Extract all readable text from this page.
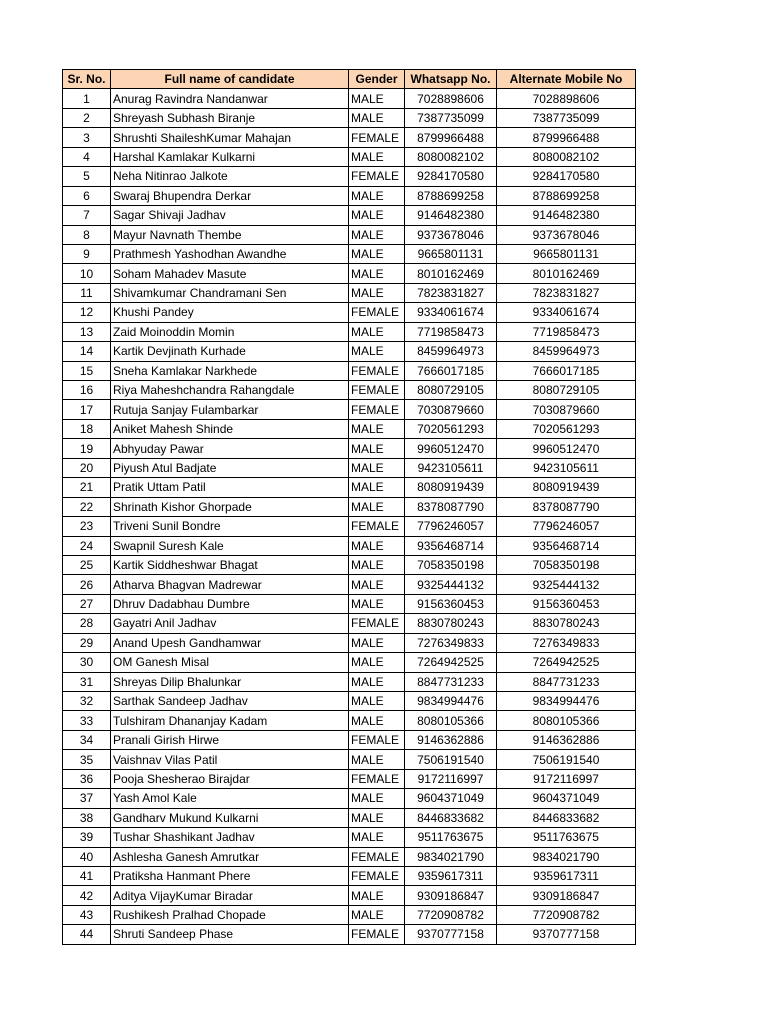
Sr. No.	Full name of candidate	Gender	Whatsapp No.	Alternate Mobile No
1	Anurag Ravindra Nandanwar	MALE	7028898606	7028898606
2	Shreyash Subhash Biranje	MALE	7387735099	7387735099
3	Shrushti ShaileshKumar Mahajan	FEMALE	8799966488	8799966488
4	Harshal Kamlakar Kulkarni	MALE	8080082102	8080082102
5	Neha Nitinrao Jalkote	FEMALE	9284170580	9284170580
6	Swaraj Bhupendra Derkar	MALE	8788699258	8788699258
7	Sagar Shivaji Jadhav	MALE	9146482380	9146482380
8	Mayur Navnath Thembe	MALE	9373678046	9373678046
9	Prathmesh Yashodhan Awandhe	MALE	9665801131	9665801131
10	Soham Mahadev Masute	MALE	8010162469	8010162469
11	Shivamkumar Chandramani Sen	MALE	7823831827	7823831827
12	Khushi Pandey	FEMALE	9334061674	9334061674
13	Zaid Moinoddin Momin	MALE	7719858473	7719858473
14	Kartik Devjinath Kurhade	MALE	8459964973	8459964973
15	Sneha Kamlakar Narkhede	FEMALE	7666017185	7666017185
16	Riya Maheshchandra Rahangdale	FEMALE	8080729105	8080729105
17	Rutuja Sanjay Fulambarkar	FEMALE	7030879660	7030879660
18	Aniket Mahesh Shinde	MALE	7020561293	7020561293
19	Abhyuday Pawar	MALE	9960512470	9960512470
20	Piyush Atul Badjate	MALE	9423105611	9423105611
21	Pratik Uttam Patil	MALE	8080919439	8080919439
22	Shrinath Kishor Ghorpade	MALE	8378087790	8378087790
23	Triveni Sunil Bondre	FEMALE	7796246057	7796246057
24	Swapnil Suresh Kale	MALE	9356468714	9356468714
25	Kartik Siddheshwar Bhagat	MALE	7058350198	7058350198
26	Atharva Bhagvan Madrewar	MALE	9325444132	9325444132
27	Dhruv Dadabhau Dumbre	MALE	9156360453	9156360453
28	Gayatri Anil Jadhav	FEMALE	8830780243	8830780243
29	Anand Upesh Gandhamwar	MALE	7276349833	7276349833
30	OM Ganesh Misal	MALE	7264942525	7264942525
31	Shreyas Dilip Bhalunkar	MALE	8847731233	8847731233
32	Sarthak Sandeep Jadhav	MALE	9834994476	9834994476
33	Tulshiram Dhananjay Kadam	MALE	8080105366	8080105366
34	Pranali Girish Hirwe	FEMALE	9146362886	9146362886
35	Vaishnav Vilas Patil	MALE	7506191540	7506191540
36	Pooja Shesherao Birajdar	FEMALE	9172116997	9172116997
37	Yash Amol Kale	MALE	9604371049	9604371049
38	Gandharv Mukund Kulkarni	MALE	8446833682	8446833682
39	Tushar Shashikant Jadhav	MALE	9511763675	9511763675
40	Ashlesha Ganesh Amrutkar	FEMALE	9834021790	9834021790
41	Pratiksha Hanmant Phere	FEMALE	9359617311	9359617311
42	Aditya VijayKumar Biradar	MALE	9309186847	9309186847
43	Rushikesh Pralhad Chopade	MALE	7720908782	7720908782
44	Shruti Sandeep Phase	FEMALE	9370777158	9370777158
